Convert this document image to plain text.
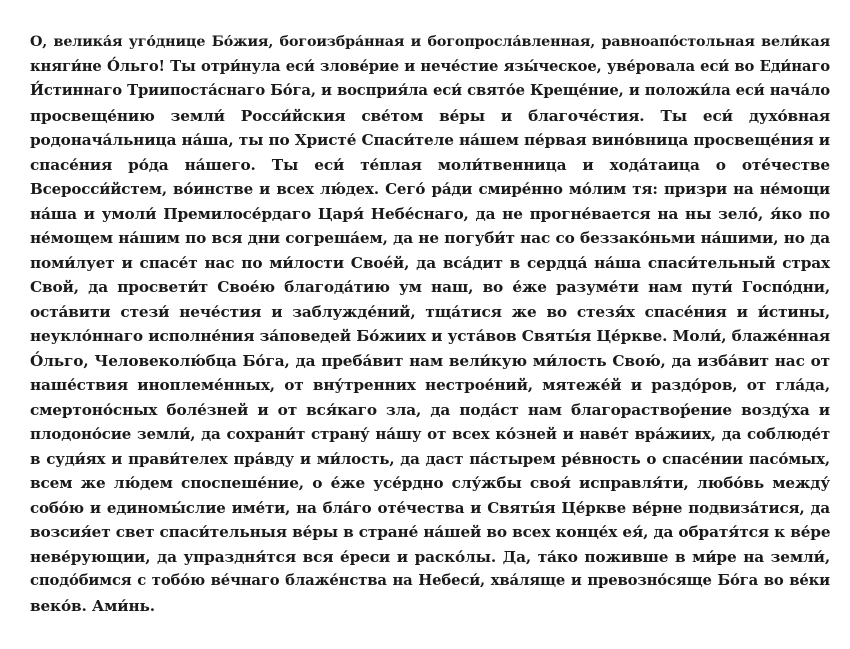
О, велика́я уго́днице Бо́жия, богоизбра́нная и богопросла́вленная, равноапо́стольная вели́кая
княги́не О́льго! Ты отри́нула еси́ злове́рие и нече́стие язы́ческое, уве́ровала еси́ во Еди́наго
И́стиннаго Триипоста́снаго Бо́га, и восприя́ла еси́ свято́е Креще́ние, и положи́ла еси́ нача́ло
просвеще́нию земли́ Росси́йския све́том ве́ры и благоче́стия. Ты еси́ духо́вная
родонача́льница на́ша, ты по Христе́ Спаси́теле на́шем пе́рвая вино́вница просвеще́ния и
спасе́ния ро́да на́шего. Ты еси́ те́плая моли́твенница и хода́таица о оте́честве
Всеросси́йстем, во́инстве и всех лю́дех. Сего́ ра́ди смире́нно мо́лим тя: призри на не́мощи
на́ша и умоли́ Премилосе́рдаго Царя́ Небе́снаго, да не прогне́вается на ны зело́, я́ко по
не́мощем на́шим по вся дни согреша́ем, да не погуби́т нас со беззако́ньми на́шими, но да
поми́лует и спасе́т нас по ми́лости Своéй, да вса́дит в сердца́ на́ша спаси́тельный страх
Свой, да просвети́т Свое́ю благода́тию ум наш, во е́же разуме́ти нам пути́ Госпо́дни,
оста́вити стези́ нече́стия и заблужде́ний, тща́тися же во стезя́х спасе́ния и и́стины,
неукло́ннаго исполне́ния за́поведей Бо́жиих и уста́вов Святы́я Це́ркве. Моли́, блаже́нная
О́льго, Человеколю́бца Бо́га, да преба́вит нам вели́кую ми́лость Свою́, да изба́вит нас от
наше́ствия иноплеме́нных, от вну́тренних нестрое́ний, мятеже́й и раздо́ров, от гла́да,
смертоно́сных боле́зней и от вся́каго зла, да пода́ст нам благораствор́ение возду́ха и
плодоно́сие земли́, да сохрани́т страну́ на́шу от всех ко́зней и наве́т вра́жиих, да соблюде́т
в суди́ях и прави́телех пра́вду и ми́лость, да даст па́стырем ре́вность о спасе́нии пасо́мых,
всем же лю́дем споспеше́ние, о е́же усе́рдно слу́жбы своя́ исправля́ти, любо́вь между́
собо́ю и единомы́слие име́ти, на бла́го оте́чества и Святы́я Це́ркве ве́рне подвиза́тися, да
возсия́ет свет спаси́тельныя ве́ры в стране́ на́шей во всех конце́х ея́, да обратя́тся к ве́ре
неве́рующии, да упраздня́тся вся е́реси и раско́лы. Да, та́ко поживше в ми́ре на земли́,
сподо́бимся с тобо́ю ве́чнаго блаже́нства на Небеси́, хва́ляще и превозно́сяще Бо́га во ве́ки
веко́в. Ами́нь.
